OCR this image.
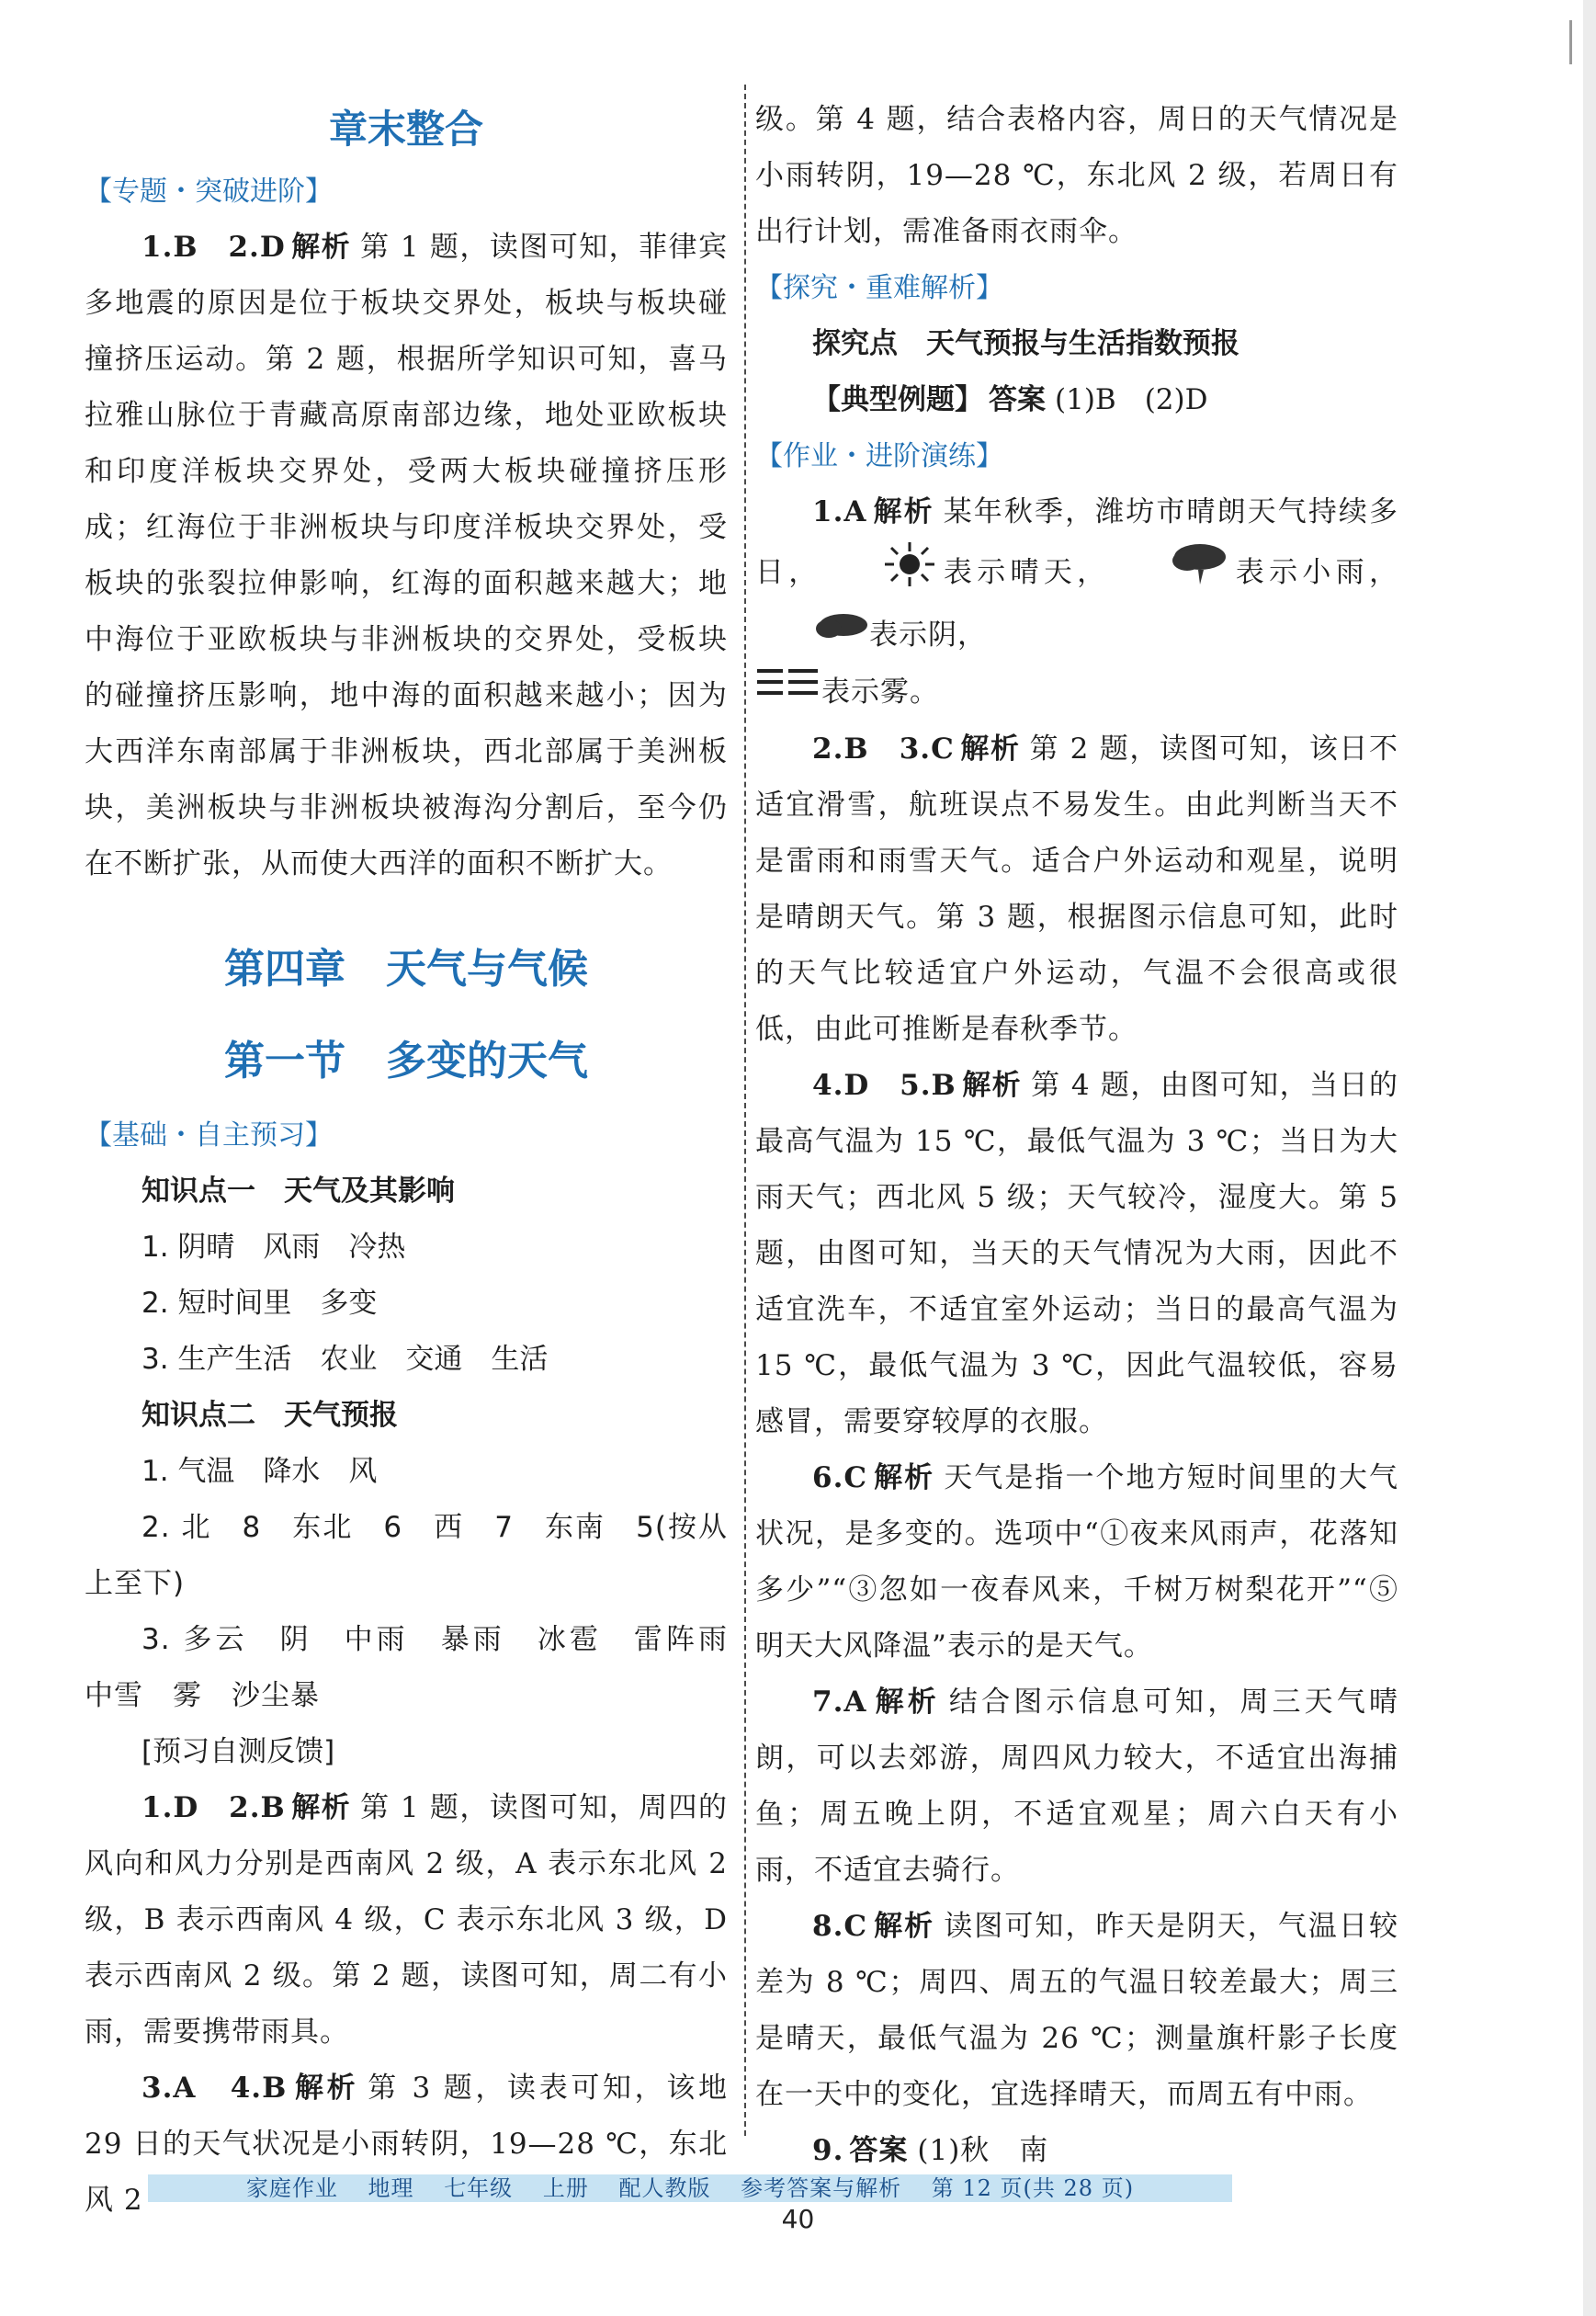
章末整合
【专题・突破进阶】

1.B　2.D 解析 第 1 题，读图可知，菲律宾多地震的原因是位于板块交界处，板块与板块碰撞挤压运动。第 2 题，根据所学知识可知，喜马拉雅山脉位于青藏高原南部边缘，地处亚欧板块和印度洋板块交界处，受两大板块碰撞挤压形成；红海位于非洲板块与印度洋板块交界处，受板块的张裂拉伸影响，红海的面积越来越大；地中海位于亚欧板块与非洲板块的交界处，受板块的碰撞挤压影响，地中海的面积越来越小；因为大西洋东南部属于非洲板块，西北部属于美洲板块，美洲板块与非洲板块被海沟分割后，至今仍在不断扩张，从而使大西洋的面积不断扩大。

第四章　天气与气候
第一节　多变的天气
【基础・自主预习】
知识点一　天气及其影响
1. 阴晴　风雨　冷热
2. 短时间里　多变
3. 生产生活　农业　交通　生活
知识点二　天气预报
1. 气温　降水　风

2. 北　8　东北　6　西　7　东南　5(按从上至下)

3. 多云　阴　中雨　暴雨　冰雹　雷阵雨　中雪　雾　沙尘暴

[预习自测反馈]

1.D　2.B 解析 第 1 题，读图可知，周四的风向和风力分别是西南风 2 级，A 表示东北风 2 级，B 表示西南风 4 级，C 表示东北风 3 级，D 表示西南风 2 级。第 2 题，读图可知，周二有小雨，需要携带雨具。

3.A　4.B 解析 第 3 题，读表可知，该地 29 日的天气状况是小雨转阴，19—28 ℃，东北风 2

级。第 4 题，结合表格内容，周日的天气情况是小雨转阴，19—28 ℃，东北风 2 级，若周日有出行计划，需准备雨衣雨伞。

【探究・重难解析】
探究点　天气预报与生活指数预报
【典型例题】 答案 (1)B　(2)D
【作业・进阶演练】

1.A 解析 某年秋季，潍坊市晴朗天气持续多日，	表示晴天，	表示小雨，表示阴，
表示雾。

2.B　3.C 解析 第 2 题，读图可知，该日不适宜滑雪，航班误点不易发生。由此判断当天不是雷雨和雨雪天气。适合户外运动和观星，说明是晴朗天气。第 3 题，根据图示信息可知，此时的天气比较适宜户外运动，气温不会很高或很低，由此可推断是春秋季节。

4.D　5.B 解析 第 4 题，由图可知，当日的最高气温为 15 ℃，最低气温为 3 ℃；当日为大雨天气；西北风 5 级；天气较冷，湿度大。第 5 题，由图可知，当天的天气情况为大雨，因此不适宜洗车，不适宜室外运动；当日的最高气温为 15 ℃，最低气温为 3 ℃，因此气温较低，容易感冒，需要穿较厚的衣服。

6.C 解析 天气是指一个地方短时间里的大气状况，是多变的。选项中“①夜来风雨声，花落知多少”“③忽如一夜春风来，千树万树梨花开”“⑤明天大风降温”表示的是天气。

7.A 解析 结合图示信息可知，周三天气晴朗，可以去郊游，周四风力较大，不适宜出海捕鱼；周五晚上阴，不适宜观星；周六白天有小雨，不适宜去骑行。

8.C 解析 读图可知，昨天是阴天，气温日较差为 8 ℃；周四、周五的气温日较差最大；周三是晴天，最低气温为 26 ℃；测量旗杆影子长度在一天中的变化，宜选择晴天，而周五有中雨。

9. 答案 (1)秋　南

家庭作业 地理 七年级 上册 配人教版 参考答案与解析 第 12 页(共 28 页)
40
